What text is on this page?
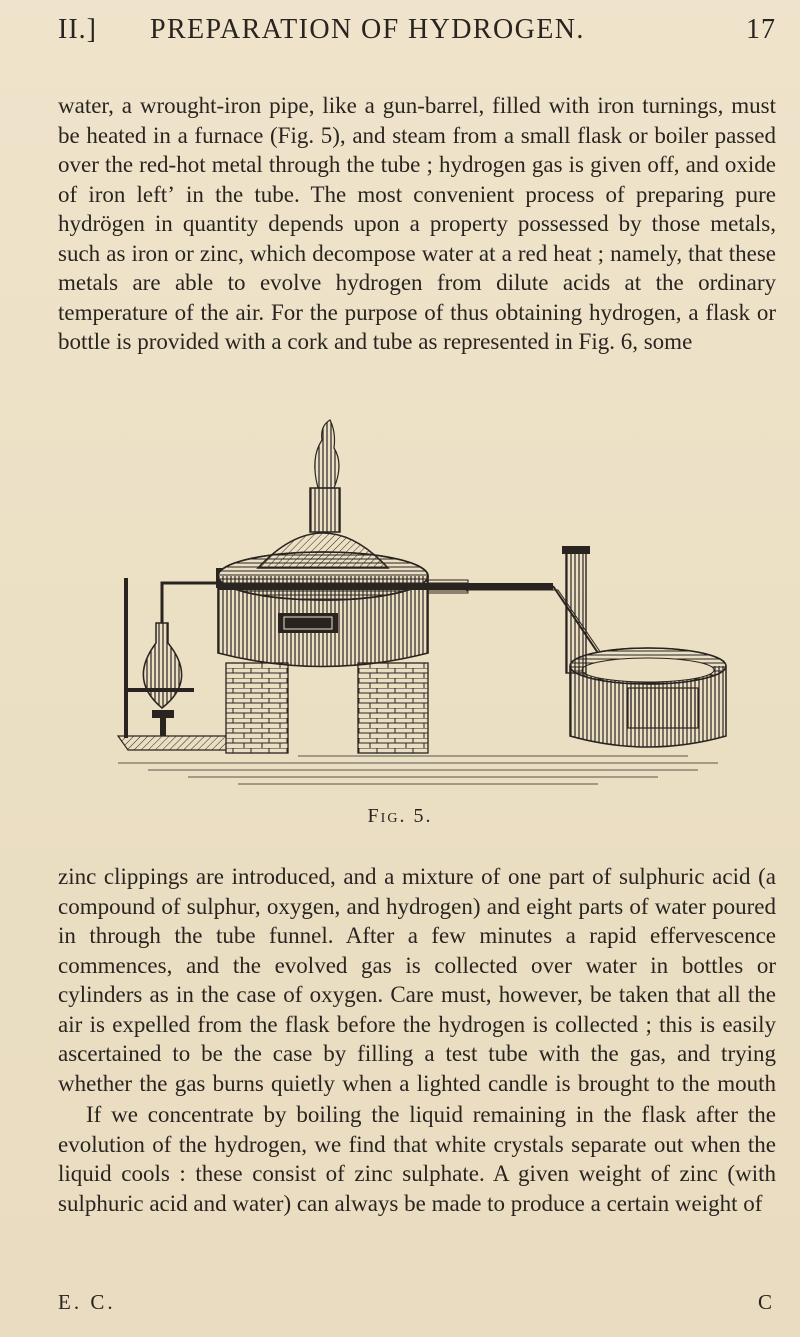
II.] PREPARATION OF HYDROGEN.	17

water, a wrought-iron pipe, like a gun-barrel, filled with iron turnings, must be heated in a furnace (Fig. 5), and steam from a small flask or boiler passed over the red-hot metal through the tube ; hydrogen gas is given off, and oxide of iron leftʼ in the tube. The most convenient process of preparing pure hydrögen in quantity depends upon a property possessed by those metals, such as iron or zinc, which decompose water at a red heat ; namely, that these metals are able to evolve hydrogen from dilute acids at the ordinary temperature of the air. For the purpose of thus obtaining hydrogen, a flask or bottle is provided with a cork and tube as represented in Fig. 6, some

Fig. 5.

zinc clippings are introduced, and a mixture of one part of sulphuric acid (a compound of sulphur, oxygen, and hydrogen) and eight parts of water poured in through the tube funnel. After a few minutes a rapid effervescence commences, and the evolved gas is collected over water in bottles or cylinders as in the case of oxygen. Care must, however, be taken that all the air is expelled from the flask before the hydrogen is collected ; this is easily ascertained to be the case by filling a test tube with the gas, and trying whether the gas burns quietly when a lighted candle is brought to the mouth

If we concentrate by boiling the liquid remaining in the flask after the evolution of the hydrogen, we find that white crystals separate out when the liquid cools : these consist of zinc sulphate. A given weight of zinc (with sulphuric acid and water) can always be made to produce a certain weight of

E. C.	C
